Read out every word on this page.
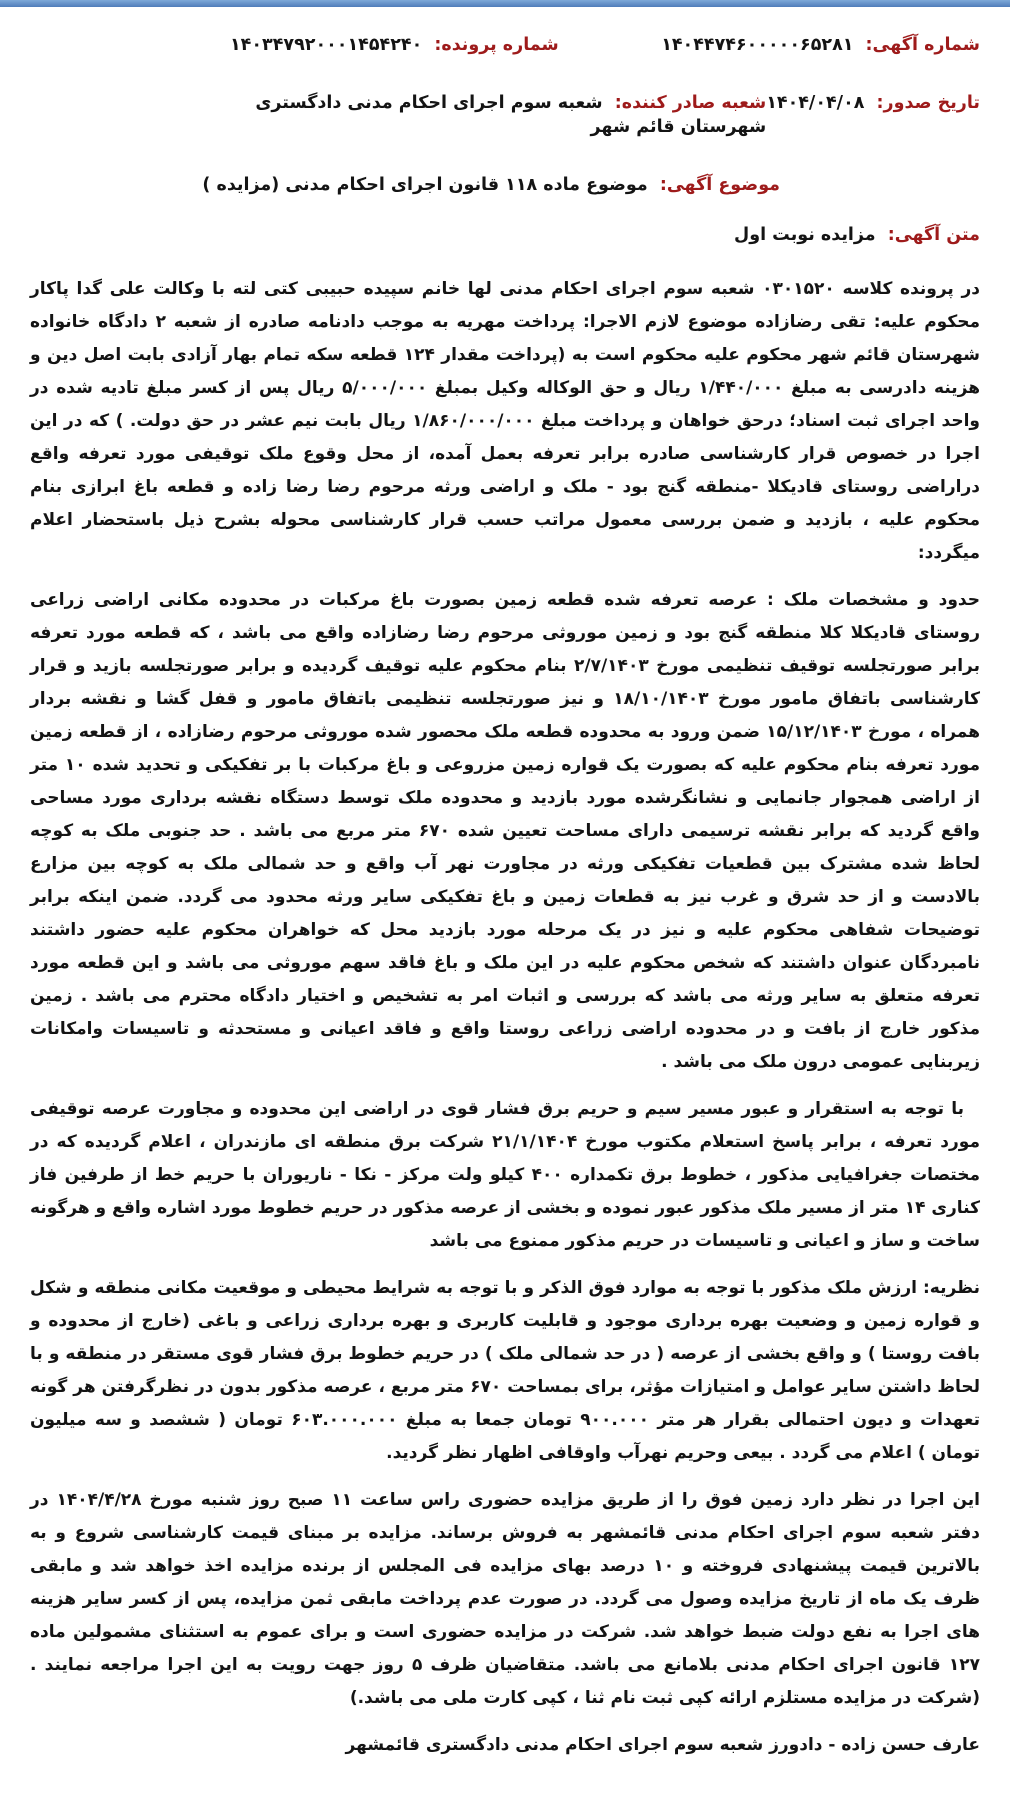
شماره آگهی: ۱۴۰۴۴۷۴۶۰۰۰۰۰۶۵۲۸۱
شماره پرونده: ۱۴۰۳۴۷۹۲۰۰۰۱۴۵۴۲۴۰
تاریخ صدور: ۱۴۰۴/۰۴/۰۸
شعبه صادر کننده: شعبه سوم اجرای احکام مدنی دادگستری شهرستان قائم شهر
موضوع آگهی: موضوع ماده ۱۱۸ قانون اجرای احکام مدنی (مزایده )
متن آگهی: مزایده نوبت اول

در پرونده کلاسه ۰۳۰۱۵۲۰ شعبه سوم اجرای احکام مدنی لها خانم سپیده حبیبی کتی لته با وکالت علی گدا پاکار محکوم علیه: تقی رضازاده موضوع لازم الاجرا: پرداخت مهریه به موجب دادنامه صادره از شعبه ۲ دادگاه خانواده شهرستان قائم شهر محکوم علیه محکوم است به (پرداخت مقدار ۱۲۴ قطعه سکه تمام بهار آزادی بابت اصل دین و هزینه دادرسی به مبلغ ۱/۴۴۰/۰۰۰ ریال و حق الوکاله وکیل بمبلغ ۵/۰۰۰/۰۰۰ ریال پس از کسر مبلغ تادیه شده در واحد اجرای ثبت اسناد؛ درحق خواهان و پرداخت مبلغ ۱/۸۶۰/۰۰۰/۰۰۰ ریال بابت نیم عشر در حق دولت. ) که در این اجرا در خصوص قرار کارشناسی صادره برابر تعرفه بعمل آمده، از محل وقوع ملک توقیفی مورد تعرفه واقع دراراضی روستای قادیکلا -منطقه گنج بود - ملک و اراضی ورثه مرحوم رضا رضا زاده و قطعه باغ ابرازی بنام محکوم علیه ، بازدید و ضمن بررسی معمول مراتب حسب قرار کارشناسی محوله بشرح ذیل باستحضار اعلام میگردد:

حدود و مشخصات ملک : عرصه تعرفه شده قطعه زمین بصورت باغ مرکبات در محدوده مکانی اراضی زراعی روستای قادیکلا کلا منطقه گنج بود و زمین موروثی مرحوم رضا رضازاده واقع می باشد ، که قطعه مورد تعرفه برابر صورتجلسه توقیف تنظیمی مورخ ۲/۷/۱۴۰۳ بنام محکوم علیه توقیف گردیده و برابر صورتجلسه بازید و قرار کارشناسی باتفاق مامور مورخ ۱۸/۱۰/۱۴۰۳ و نیز صورتجلسه تنظیمی باتفاق مامور و قفل گشا و نقشه بردار همراه ، مورخ ۱۵/۱۲/۱۴۰۳ ضمن ورود به محدوده قطعه ملک محصور شده موروثی مرحوم رضازاده ، از قطعه زمین مورد تعرفه بنام محکوم علیه که بصورت یک قواره زمین مزروعی و باغ مرکبات با بر تفکیکی و تحدید شده ۱۰ متر از اراضی همجوار جانمایی و نشانگرشده مورد بازدید و محدوده ملک توسط دستگاه نقشه برداری مورد مساحی واقع گردید که برابر نقشه ترسیمی دارای مساحت تعیین شده ۶۷۰ متر مربع می باشد . حد جنوبی ملک به کوچه لحاظ شده مشترک بین قطعیات تفکیکی ورثه در مجاورت نهر آب واقع و حد شمالی ملک به کوچه بین مزارع بالادست و از حد شرق و غرب نیز به قطعات زمین و باغ تفکیکی سایر ورثه محدود می گردد. ضمن اینکه برابر توضیحات شفاهی محکوم علیه و نیز در یک مرحله مورد بازدید محل که خواهران محکوم علیه حضور داشتند نامبردگان عنوان داشتند که شخص محکوم علیه در این ملک و باغ فاقد سهم موروثی می باشد و این قطعه مورد تعرفه متعلق به سایر ورثه می باشد که بررسی و اثبات امر به تشخیص و اختیار دادگاه محترم می باشد . زمین مذکور خارج از بافت و در محدوده اراضی زراعی روستا واقع و فاقد اعیانی و مستحدثه و تاسیسات وامکانات زیربنایی عمومی درون ملک می باشد .

با توجه به استقرار و عبور مسیر سیم و حریم برق فشار قوی در اراضی این محدوده و مجاورت عرصه توقیفی مورد تعرفه ، برابر پاسخ استعلام مکتوب مورخ ۲۱/۱/۱۴۰۴ شرکت برق منطقه ای مازندران ، اعلام گردیده که در مختصات جغرافیایی مذکور ، خطوط برق تکمداره ۴۰۰ کیلو ولت مرکز - نکا - ناریوران با حریم خط از طرفین فاز کناری ۱۴ متر از مسیر ملک مذکور عبور نموده و بخشی از عرصه مذکور در حریم خطوط مورد اشاره واقع و هرگونه ساخت و ساز و اعیانی و تاسیسات در حریم مذکور ممنوع می باشد

نظریه: ارزش ملک مذکور با توجه به موارد فوق الذکر و با توجه به شرایط محیطی و موقعیت مکانی منطقه و شکل و قواره زمین و وضعیت بهره برداری موجود و قابلیت کاربری و بهره برداری زراعی و باغی (خارج از محدوده و بافت روستا ) و واقع بخشی از عرصه ( در حد شمالی ملک ) در حریم خطوط برق فشار قوی مستقر در منطقه و با لحاظ داشتن سایر عوامل و امتیازات مؤثر، برای بمساحت ۶۷۰ متر مربع ، عرصه مذکور بدون در نظرگرفتن هر گونه تعهدات و دیون احتمالی بقرار هر متر ۹۰۰.۰۰۰ تومان جمعا به مبلغ ۶۰۳.۰۰۰.۰۰۰ تومان ( ششصد و سه میلیون تومان ) اعلام می گردد . بیعی وحریم نهرآب واوقافی اظهار نظر گردید.

این اجرا در نظر دارد زمین فوق را از طریق مزایده حضوری راس ساعت ۱۱ صبح روز شنبه مورخ ۱۴۰۴/۴/۲۸ در دفتر شعبه سوم اجرای احکام مدنی قائمشهر به فروش برساند. مزایده بر مبنای قیمت کارشناسی شروع و به بالاترین قیمت پیشنهادی فروخته و ۱۰ درصد بهای مزایده فی المجلس از برنده مزایده اخذ خواهد شد و مابقی ظرف یک ماه از تاریخ مزایده وصول می گردد. در صورت عدم پرداخت مابقی ثمن مزایده، پس از کسر سایر هزینه های اجرا به نفع دولت ضبط خواهد شد. شرکت در مزایده حضوری است و برای عموم به استثنای مشمولین ماده ۱۲۷ قانون اجرای احکام مدنی بلامانع می باشد. متقاضیان ظرف ۵ روز جهت رویت به این اجرا مراجعه نمایند . (شرکت در مزایده مستلزم ارائه کپی ثبت نام ثنا ، کپی کارت ملی می باشد.)

عارف حسن زاده - دادورز شعبه سوم اجرای احکام مدنی دادگستری قائمشهر
